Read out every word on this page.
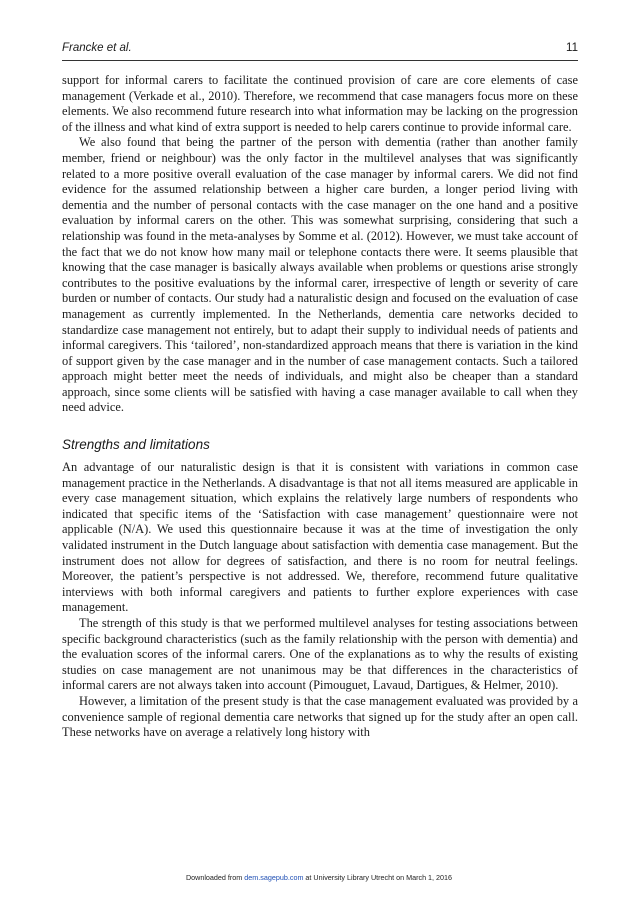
Francke et al.	11

support for informal carers to facilitate the continued provision of care are core elements of case management (Verkade et al., 2010). Therefore, we recommend that case managers focus more on these elements. We also recommend future research into what information may be lacking on the progression of the illness and what kind of extra support is needed to help carers continue to provide informal care.

We also found that being the partner of the person with dementia (rather than another family member, friend or neighbour) was the only factor in the multilevel analyses that was significantly related to a more positive overall evaluation of the case manager by informal carers. We did not find evidence for the assumed relationship between a higher care burden, a longer period living with dementia and the number of personal contacts with the case manager on the one hand and a positive evaluation by informal carers on the other. This was somewhat surprising, considering that such a relationship was found in the meta-analyses by Somme et al. (2012). However, we must take account of the fact that we do not know how many mail or telephone contacts there were. It seems plausible that knowing that the case manager is basically always available when problems or questions arise strongly contributes to the positive evaluations by the informal carer, irrespective of length or severity of care burden or number of contacts. Our study had a naturalistic design and focused on the evaluation of case management as currently implemented. In the Netherlands, dementia care networks decided to standardize case management not entirely, but to adapt their supply to individual needs of patients and informal caregivers. This ‘tailored’, non-standardized approach means that there is variation in the kind of support given by the case manager and in the number of case management contacts. Such a tailored approach might better meet the needs of individuals, and might also be cheaper than a standard approach, since some clients will be satisfied with having a case manager available to call when they need advice.

Strengths and limitations

An advantage of our naturalistic design is that it is consistent with variations in common case management practice in the Netherlands. A disadvantage is that not all items measured are applicable in every case management situation, which explains the relatively large numbers of respondents who indicated that specific items of the ‘Satisfaction with case management’ questionnaire were not applicable (N/A). We used this questionnaire because it was at the time of investigation the only validated instrument in the Dutch language about satisfaction with dementia case management. But the instrument does not allow for degrees of satisfaction, and there is no room for neutral feelings. Moreover, the patient’s perspective is not addressed. We, therefore, recommend future qualitative interviews with both informal caregivers and patients to further explore experiences with case management.

The strength of this study is that we performed multilevel analyses for testing associations between specific background characteristics (such as the family relationship with the person with dementia) and the evaluation scores of the informal carers. One of the explanations as to why the results of existing studies on case management are not unanimous may be that differences in the characteristics of informal carers are not always taken into account (Pimouguet, Lavaud, Dartigues, & Helmer, 2010).

However, a limitation of the present study is that the case management evaluated was provided by a convenience sample of regional dementia care networks that signed up for the study after an open call. These networks have on average a relatively long history with

Downloaded from dem.sagepub.com at University Library Utrecht on March 1, 2016
